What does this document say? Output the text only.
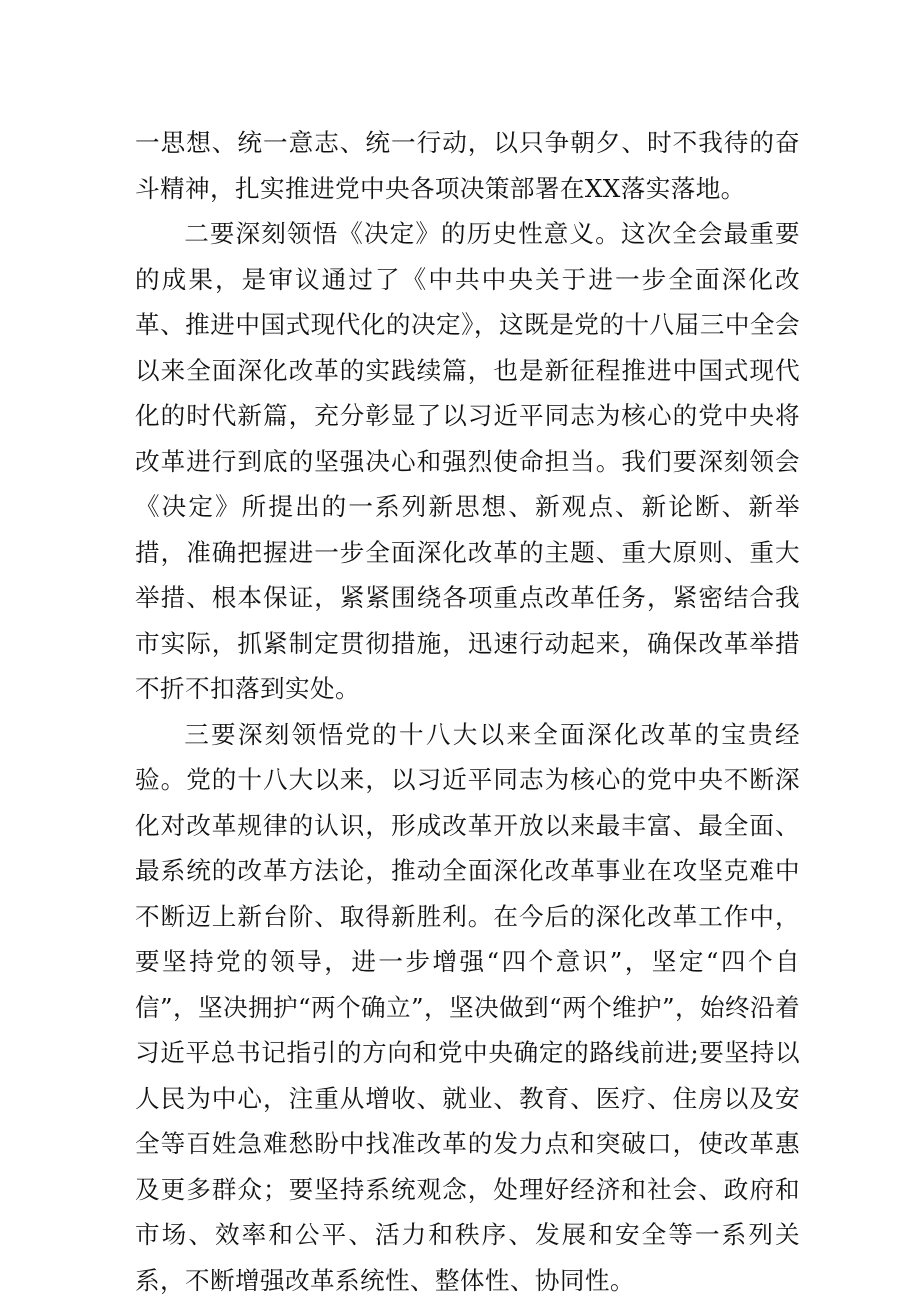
一思想、统一意志、统一行动，以只争朝夕、时不我待的奋斗精神，扎实推进党中央各项决策部署在XX落实落地。

二要深刻领悟《决定》的历史性意义。这次全会最重要的成果，是审议通过了《中共中央关于进一步全面深化改革、推进中国式现代化的决定》，这既是党的十八届三中全会以来全面深化改革的实践续篇，也是新征程推进中国式现代化的时代新篇，充分彰显了以习近平同志为核心的党中央将改革进行到底的坚强决心和强烈使命担当。我们要深刻领会《决定》所提出的一系列新思想、新观点、新论断、新举措，准确把握进一步全面深化改革的主题、重大原则、重大举措、根本保证，紧紧围绕各项重点改革任务，紧密结合我市实际，抓紧制定贯彻措施，迅速行动起来，确保改革举措不折不扣落到实处。

三要深刻领悟党的十八大以来全面深化改革的宝贵经验。党的十八大以来，以习近平同志为核心的党中央不断深化对改革规律的认识，形成改革开放以来最丰富、最全面、最系统的改革方法论，推动全面深化改革事业在攻坚克难中不断迈上新台阶、取得新胜利。在今后的深化改革工作中，要坚持党的领导，进一步增强“四个意识”，坚定“四个自信”，坚决拥护“两个确立”，坚决做到“两个维护”，始终沿着习近平总书记指引的方向和党中央确定的路线前进;要坚持以人民为中心，注重从增收、就业、教育、医疗、住房以及安全等百姓急难愁盼中找准改革的发力点和突破口，使改革惠及更多群众；要坚持系统观念，处理好经济和社会、政府和市场、效率和公平、活力和秩序、发展和安全等一系列关系，不断增强改革系统性、整体性、协同性。
